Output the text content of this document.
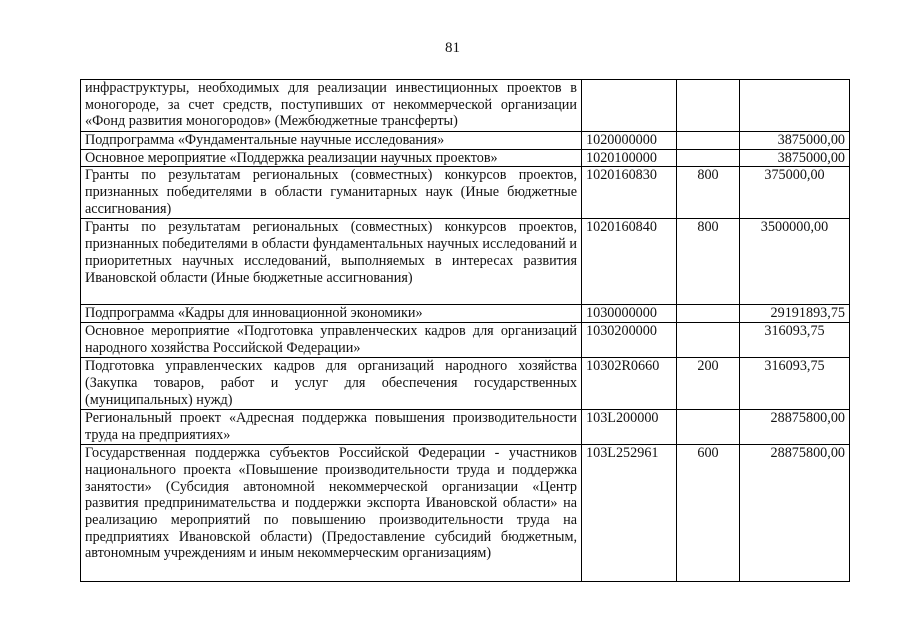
81
инфраструктуры, необходимых для реализации инвестиционных проектов в моногороде, за счет средств, поступивших от некоммерческой организации «Фонд развития моногородов» (Межбюджетные трансферты)			
Подпрограмма «Фундаментальные научные исследования»	1020000000		3875000,00
Основное мероприятие «Поддержка реализации научных проектов»	1020100000		3875000,00
Гранты по результатам региональных (совместных) конкурсов проектов, признанных победителями в области гуманитарных наук (Иные бюджетные ассигнования)	1020160830	800	375000,00
Гранты по результатам региональных (совместных) конкурсов проектов, признанных победителями в области фундаментальных научных исследований и приоритетных научных исследований, выполняемых в интересах развития Ивановской области (Иные бюджетные ассигнования)	1020160840	800	3500000,00
Подпрограмма «Кадры для инновационной экономики»	1030000000		29191893,75
Основное мероприятие «Подготовка управленческих кадров для организаций народного хозяйства Российской Федерации»	1030200000		316093,75
Подготовка управленческих кадров для организаций народного хозяйства (Закупка товаров, работ и услуг для обеспечения государственных (муниципальных) нужд)	10302R0660	200	316093,75
Региональный проект «Адресная поддержка повышения производительности труда на предприятиях»	103L200000		28875800,00
Государственная поддержка субъектов Российской Федерации - участников национального проекта «Повышение производительности труда и поддержка занятости» (Субсидия автономной некоммерческой организации «Центр развития предпринимательства и поддержки экспорта Ивановской области» на реализацию мероприятий по повышению производительности труда на предприятиях Ивановской области) (Предоставление субсидий бюджетным, автономным учреждениям и иным некоммерческим организациям)	103L252961	600	28875800,00
